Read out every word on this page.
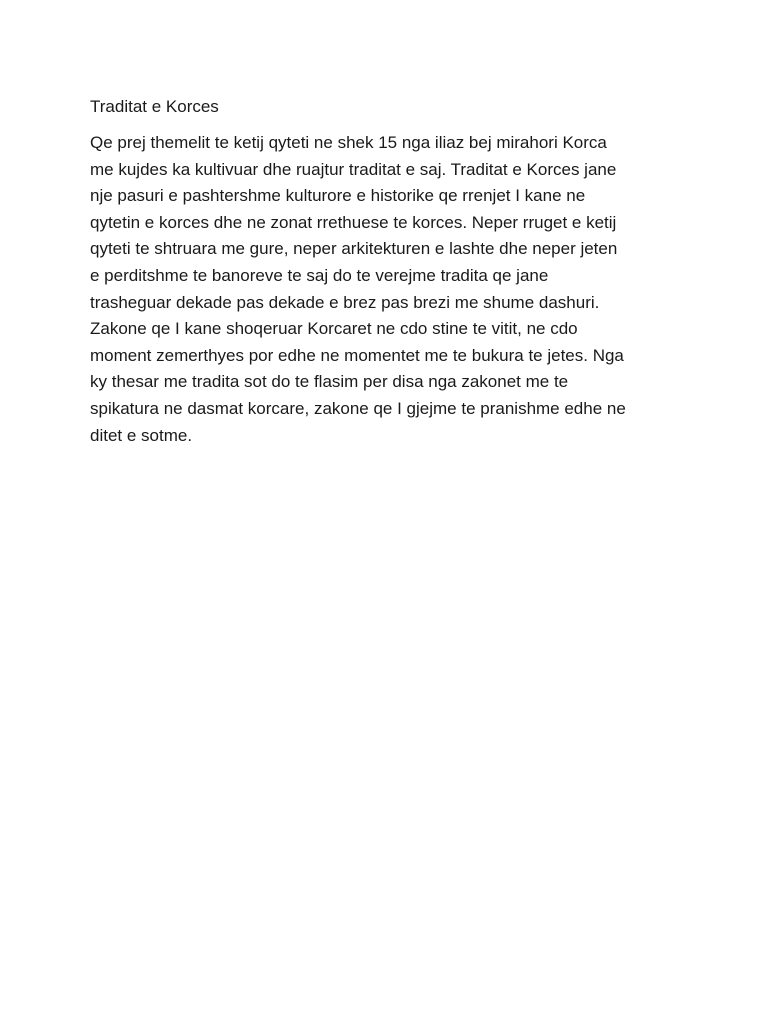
Traditat e Korces

Qe prej themelit te ketij qyteti ne shek 15 nga iliaz bej mirahori Korca
me kujdes ka kultivuar dhe ruajtur traditat e saj. Traditat e Korces jane
nje pasuri e pashtershme kulturore e historike qe rrenjet I kane ne
qytetin e korces dhe ne zonat rrethuese te korces. Neper rruget e ketij
qyteti te shtruara me gure, neper arkitekturen e lashte dhe neper jeten
e perditshme te banoreve te saj do te verejme tradita qe jane
trasheguar dekade pas dekade e brez pas brezi me shume dashuri.
Zakone qe I kane shoqeruar Korcaret ne cdo stine te vitit, ne cdo
moment zemerthyes por edhe ne momentet me te bukura te jetes. Nga
ky thesar me tradita sot do te flasim per disa nga zakonet me te
spikatura ne dasmat korcare, zakone qe I gjejme te pranishme edhe ne
ditet e sotme.
